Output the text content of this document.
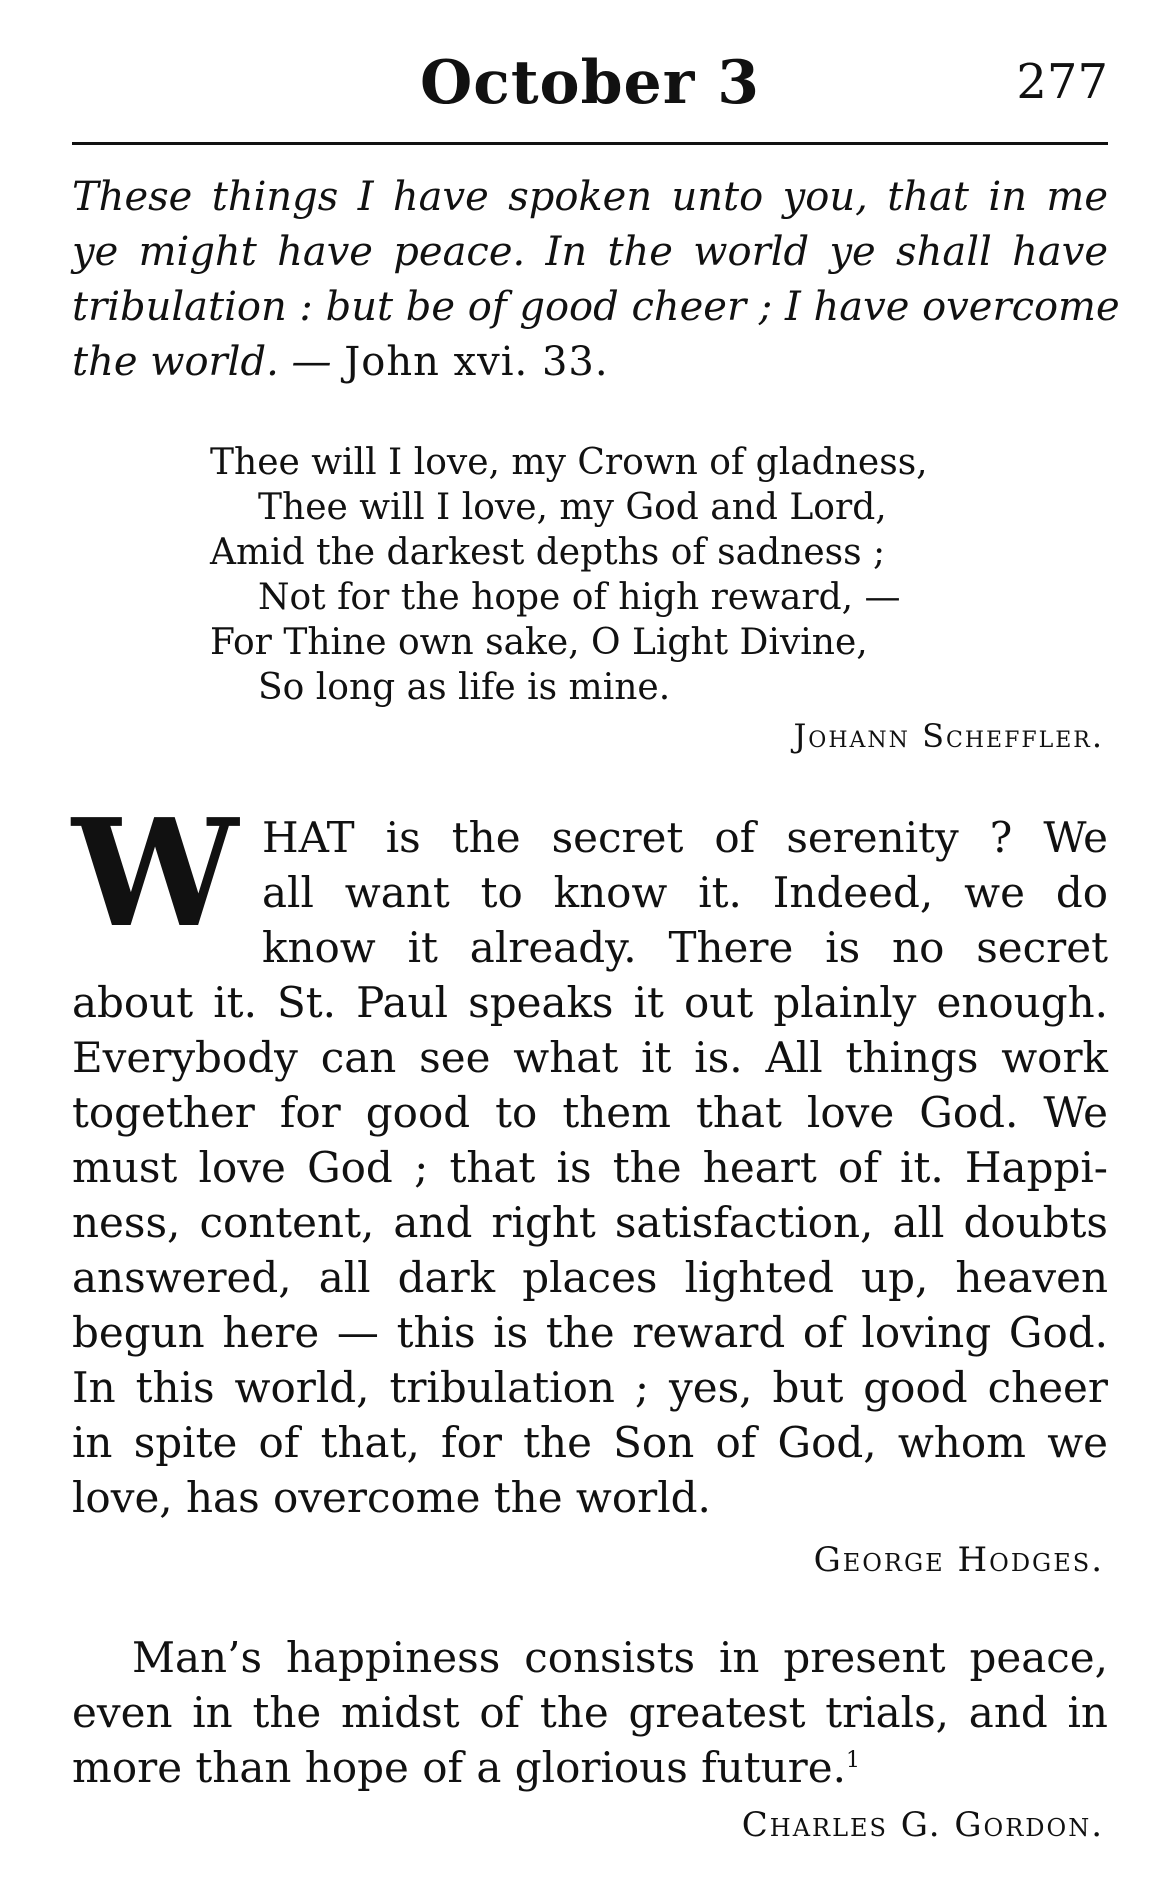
October 3	277
These things I have spoken unto you, that in me
ye might have peace. In the world ye shall have
tribulation : but be of good cheer ; I have overcome
the world. — John xvi. 33.
Thee will I love, my Crown of gladness,
Thee will I love, my God and Lord,
Amid the darkest depths of sadness ;
Not for the hope of high reward, —
For Thine own sake, O Light Divine,
So long as life is mine.
Johann Scheffler.
W HAT is the secret of serenity ? We
all want to know it. Indeed, we do
know it already. There is no secret
about it. St. Paul speaks it out plainly enough.
Everybody can see what it is. All things work
together for good to them that love God. We
must love God ; that is the heart of it. Happi-
ness, content, and right satisfaction, all doubts
answered, all dark places lighted up, heaven
begun here — this is the reward of loving God.
In this world, tribulation ; yes, but good cheer
in spite of that, for the Son of God, whom we
love, has overcome the world.
George Hodges.
Man’s happiness consists in present peace,
even in the midst of the greatest trials, and in
more than hope of a glorious future.$^1$
Charles G. Gordon.
